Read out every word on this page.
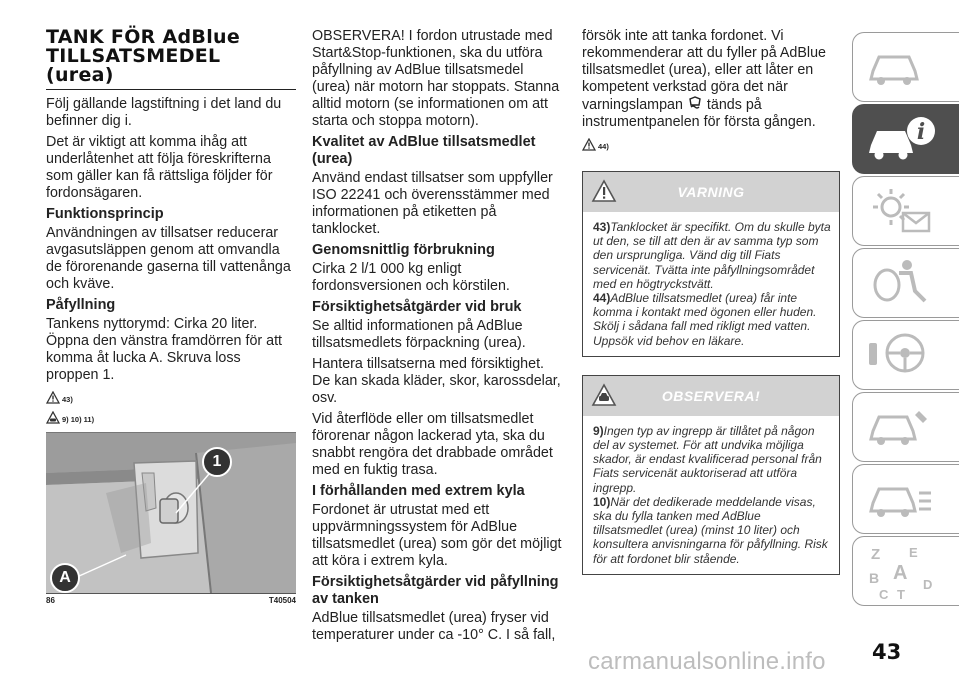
TANK FÖR AdBlue
TILLSATSMEDEL
(urea)

Följ gällande lagstiftning i det land du befinner dig i.

Det är viktigt att komma ihåg att underlåtenhet att följa föreskrifterna som gäller kan få rättsliga följder för fordonsägaren.

Funktionsprincip

Användningen av tillsatser reducerar avgasutsläppen genom att omvandla de förorenande gaserna till vattenånga och kväve.

Påfyllning

Tankens nyttorymd: Cirka 20 liter. Öppna den vänstra framdörren för att komma åt lucka A. Skruva loss proppen 1.

43)
9) 10) 11)
1
A
86	T40504

OBSERVERA! I fordon utrustade med Start&Stop-funktionen, ska du utföra påfyllning av AdBlue tillsatsmedel (urea) när motorn har stoppats. Stanna alltid motorn (se informationen om att starta och stoppa motorn).

Kvalitet av AdBlue tillsatsmedlet (urea)

Använd endast tillsatser som uppfyller ISO 22241 och överensstämmer med informationen på etiketten på tanklocket.

Genomsnittlig förbrukning

Cirka 2 l/1 000 kg enligt fordonsversionen och körstilen.

Försiktighetsåtgärder vid bruk

Se alltid informationen på AdBlue tillsatsmedlets förpackning (urea).

Hantera tillsatserna med försiktighet. De kan skada kläder, skor, karossdelar, osv.

Vid återflöde eller om tillsatsmedlet förorenar någon lackerad yta, ska du snabbt rengöra det drabbade området med en fuktig trasa.

I förhållanden med extrem kyla

Fordonet är utrustat med ett uppvärmningssystem för AdBlue tillsatsmedlet (urea) som gör det möjligt att köra i extrem kyla.

Försiktighetsåtgärder vid påfyllning av tanken

AdBlue tillsatsmedlet (urea) fryser vid temperaturer under ca -10° C. I så fall,

försök inte att tanka fordonet. Vi rekommenderar att du fyller på AdBlue tillsatsmedlet (urea), eller att låter en kompetent verkstad göra det när varningslampan tänds på instrumentpanelen för första gången.

44)
VARNING

43)Tanklocket är specifikt. Om du skulle byta ut den, se till att den är av samma typ som den ursprungliga. Vänd dig till Fiats servicenät. Tvätta inte påfyllningsområdet med en högtryckstvätt.

44)AdBlue tillsatsmedlet (urea) får inte komma i kontakt med ögonen eller huden. Skölj i sådana fall med rikligt med vatten. Uppsök vid behov en läkare.

OBSERVERA!

9)Ingen typ av ingrepp är tillåtet på någon del av systemet. För att undvika möjliga skador, är endast kvalificerad personal från Fiats servicenät auktoriserad att utföra ingrepp.

10)När det dedikerade meddelande visas, ska du fylla tanken med AdBlue tillsatsmedlet (urea) (minst 10 liter) och konsultera anvisningarna för påfyllning. Risk för att fordonet blir stående.

i
Z E
A
B
C T
D
43
carmanualsonline.info
